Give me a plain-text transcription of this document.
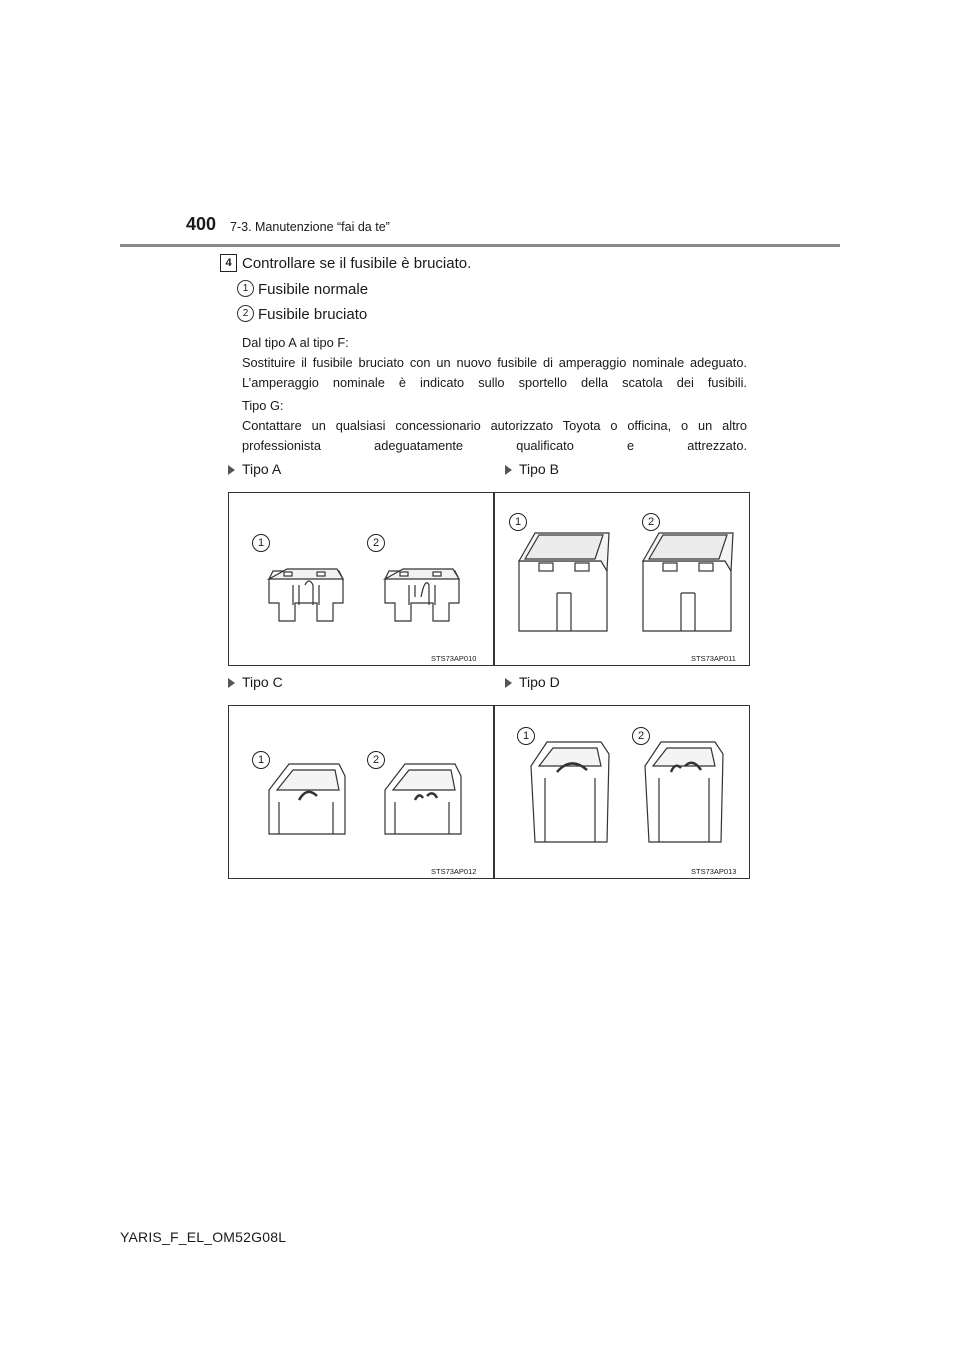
400 7-3. Manutenzione “fai da te”
4 Controllare se il fusibile è bruciato.
1 Fusibile normale
2 Fusibile bruciato
Dal tipo A al tipo F:
Sostituire il fusibile bruciato con un nuovo fusibile di amperaggio nominale adeguato. L’amperaggio nominale è indicato sullo sportello della scatola dei fusibili.
Tipo G:
Contattare un qualsiasi concessionario autorizzato Toyota o officina, o un altro professionista adeguatamente qualificato e attrezzato.
Tipo A	Tipo B
Tipo C	Tipo D
1	2
STS73AP010
1	2
STS73AP011
1	2
STS73AP012
1	2
STS73AP013
YARIS_F_EL_OM52G08L
